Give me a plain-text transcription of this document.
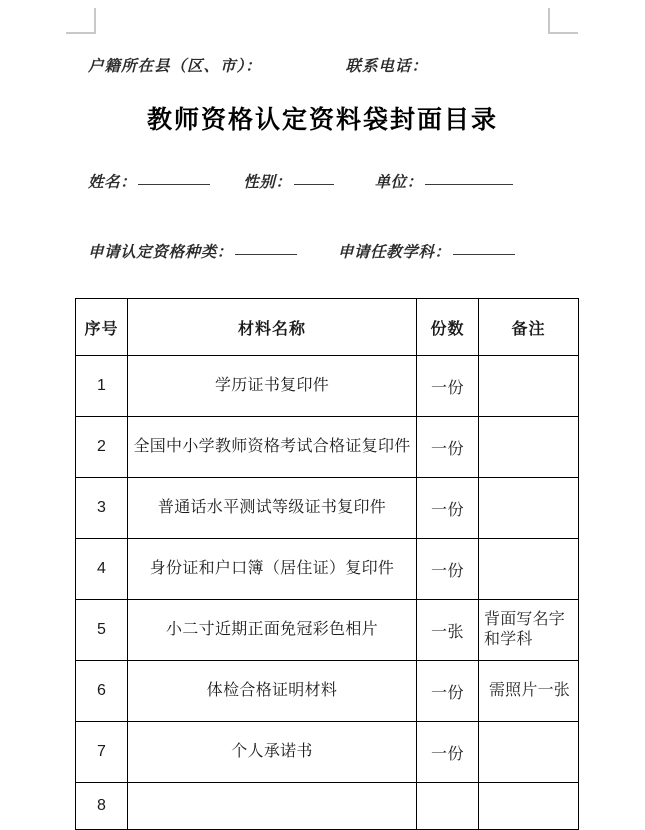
户籍所在县（区、市）：	联系电话：
教师资格认定资料袋封面目录
姓名：	性别：	单位：
申请认定资格种类：	申请任教学科：
序号	材料名称	份数	备注
1	学历证书复印件	一份	
2	全国中小学教师资格考试合格证复印件	一份	
3	普通话水平测试等级证书复印件	一份	
4	身份证和户口簿（居住证）复印件	一份	
5	小二寸近期正面免冠彩色相片	一张	背面写名字和学科
6	体检合格证明材料	一份	需照片一张
7	个人承诺书	一份	
8			
